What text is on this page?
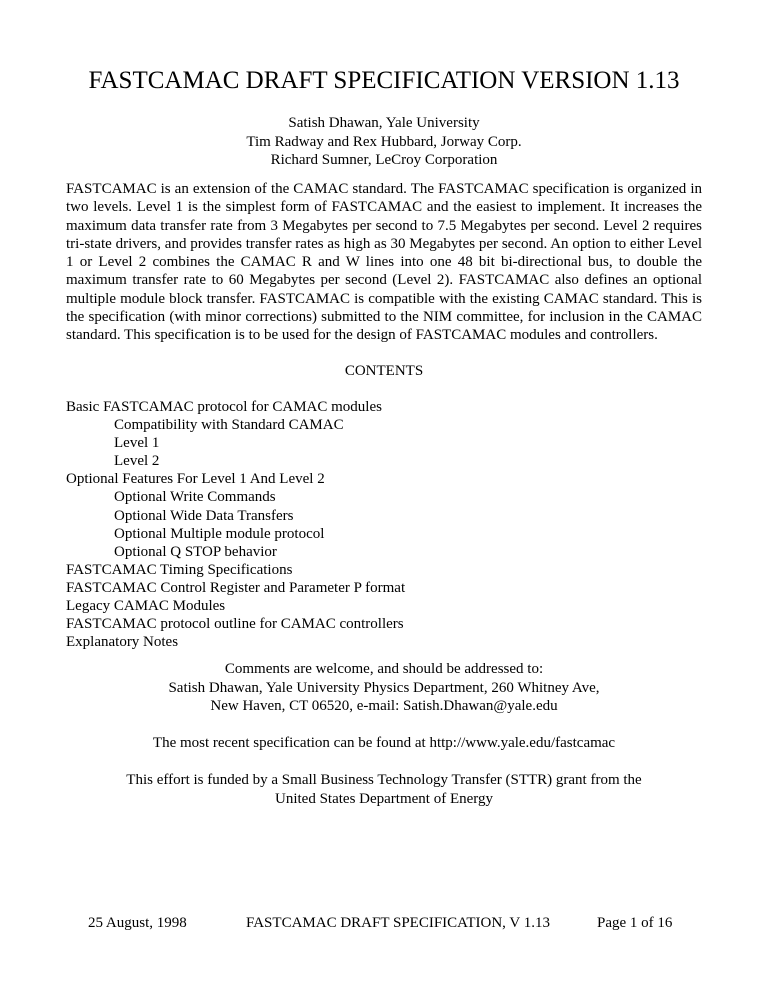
FASTCAMAC DRAFT SPECIFICATION VERSION 1.13
Satish Dhawan, Yale University
Tim Radway and Rex Hubbard, Jorway Corp.
Richard Sumner, LeCroy Corporation

FASTCAMAC is an extension of the CAMAC standard. The FASTCAMAC specification is organized in two levels. Level 1 is the simplest form of FASTCAMAC and the easiest to implement. It increases the maximum data transfer rate from 3 Megabytes per second to 7.5 Megabytes per second. Level 2 requires tri-state drivers, and provides transfer rates as high as 30 Megabytes per second. An option to either Level 1 or Level 2 combines the CAMAC R and W lines into one 48 bit bi-directional bus, to double the maximum transfer rate to 60 Megabytes per second (Level 2). FASTCAMAC also defines an optional multiple module block transfer. FASTCAMAC is compatible with the existing CAMAC standard. This is the specification (with minor corrections) submitted to the NIM committee, for inclusion in the CAMAC standard. This specification is to be used for the design of FASTCAMAC modules and controllers.

CONTENTS
Basic FASTCAMAC protocol for CAMAC modules
Compatibility with Standard CAMAC
Level 1
Level 2
Optional Features For Level 1 And Level 2
Optional Write Commands
Optional Wide Data Transfers
Optional Multiple module protocol
Optional Q STOP behavior
FASTCAMAC Timing Specifications
FASTCAMAC Control Register and Parameter P format
Legacy CAMAC Modules
FASTCAMAC protocol outline for CAMAC controllers
Explanatory Notes
Comments are welcome, and should be addressed to:
Satish Dhawan, Yale University Physics Department, 260 Whitney Ave,
New Haven, CT 06520, e-mail: Satish.Dhawan@yale.edu
The most recent specification can be found at http://www.yale.edu/fastcamac
This effort is funded by a Small Business Technology Transfer (STTR) grant from the
United States Department of Energy
25 August, 1998	FASTCAMAC DRAFT SPECIFICATION, V 1.13	Page 1 of 16
